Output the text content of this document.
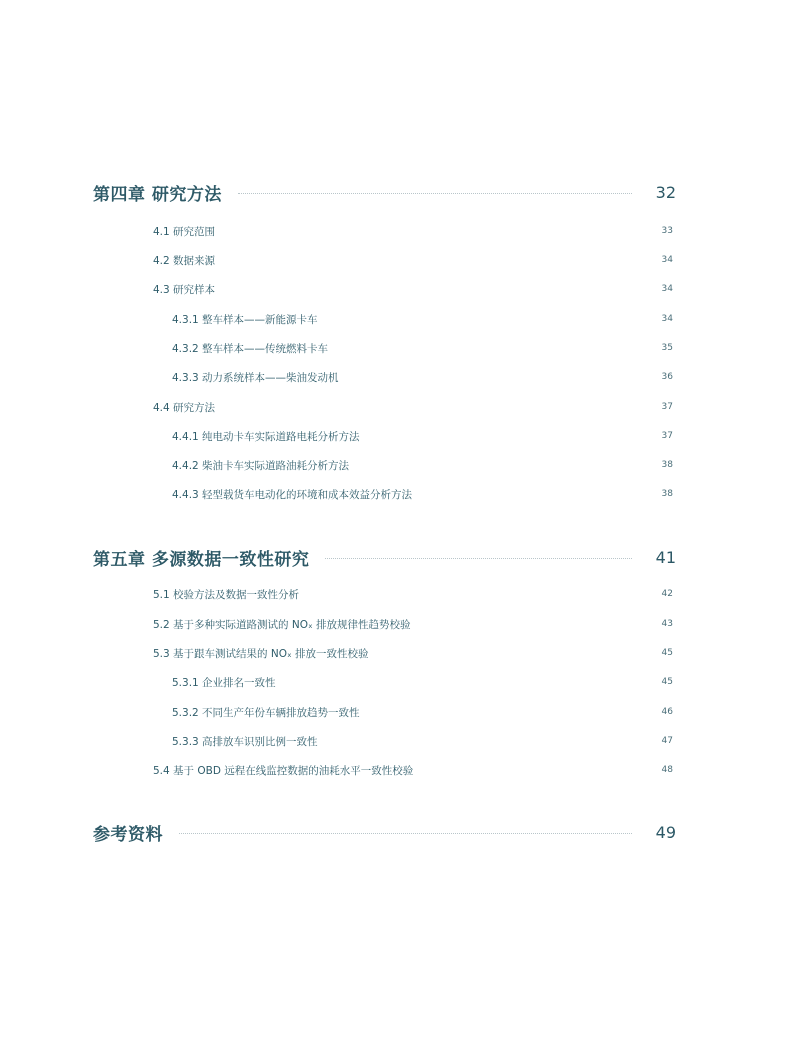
第四章 研究方法	32
4.1 研究范围	33
4.2 数据来源	34
4.3 研究样本	34
4.3.1 整车样本——新能源卡车	34
4.3.2 整车样本——传统燃料卡车	35
4.3.3 动力系统样本——柴油发动机	36
4.4 研究方法	37
4.4.1 纯电动卡车实际道路电耗分析方法	37
4.4.2 柴油卡车实际道路油耗分析方法	38
4.4.3 轻型载货车电动化的环境和成本效益分析方法	38
第五章 多源数据一致性研究	41
5.1 校验方法及数据一致性分析	42
5.2 基于多种实际道路测试的 NOₓ 排放规律性趋势校验	43
5.3 基于跟车测试结果的 NOₓ 排放一致性校验	45
5.3.1 企业排名一致性	45
5.3.2 不同生产年份车辆排放趋势一致性	46
5.3.3 高排放车识别比例一致性	47
5.4 基于 OBD 远程在线监控数据的油耗水平一致性校验	48
参考资料	49
